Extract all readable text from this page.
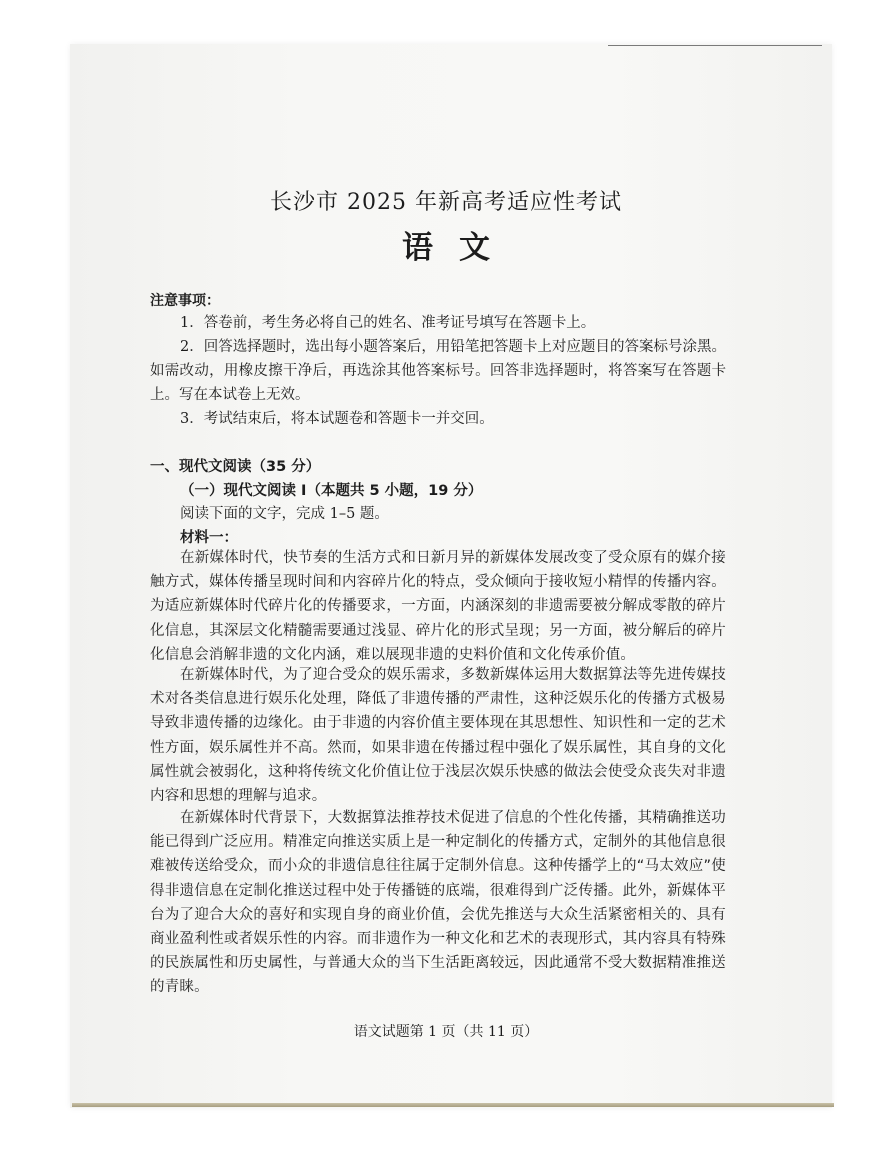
长沙市 2025 年新高考适应性考试
语文
注意事项：

1．答卷前，考生务必将自己的姓名、准考证号填写在答题卡上。

2．回答选择题时，选出每小题答案后，用铅笔把答题卡上对应题目的答案标号涂黑。如需改动，用橡皮擦干净后，再选涂其他答案标号。回答非选择题时，将答案写在答题卡上。写在本试卷上无效。

3．考试结束后，将本试题卷和答题卡一并交回。

一、现代文阅读（35 分）
（一）现代文阅读 I（本题共 5 小题，19 分）
阅读下面的文字，完成 1–5 题。
材料一：

在新媒体时代，快节奏的生活方式和日新月异的新媒体发展改变了受众原有的媒介接触方式，媒体传播呈现时间和内容碎片化的特点，受众倾向于接收短小精悍的传播内容。为适应新媒体时代碎片化的传播要求，一方面，内涵深刻的非遗需要被分解成零散的碎片化信息，其深层文化精髓需要通过浅显、碎片化的形式呈现；另一方面，被分解后的碎片化信息会消解非遗的文化内涵，难以展现非遗的史料价值和文化传承价值。

在新媒体时代，为了迎合受众的娱乐需求，多数新媒体运用大数据算法等先进传媒技术对各类信息进行娱乐化处理，降低了非遗传播的严肃性，这种泛娱乐化的传播方式极易导致非遗传播的边缘化。由于非遗的内容价值主要体现在其思想性、知识性和一定的艺术性方面，娱乐属性并不高。然而，如果非遗在传播过程中强化了娱乐属性，其自身的文化属性就会被弱化，这种将传统文化价值让位于浅层次娱乐快感的做法会使受众丧失对非遗内容和思想的理解与追求。

在新媒体时代背景下，大数据算法推荐技术促进了信息的个性化传播，其精确推送功能已得到广泛应用。精准定向推送实质上是一种定制化的传播方式，定制外的其他信息很难被传送给受众，而小众的非遗信息往往属于定制外信息。这种传播学上的“马太效应”使得非遗信息在定制化推送过程中处于传播链的底端，很难得到广泛传播。此外，新媒体平台为了迎合大众的喜好和实现自身的商业价值，会优先推送与大众生活紧密相关的、具有商业盈利性或者娱乐性的内容。而非遗作为一种文化和艺术的表现形式，其内容具有特殊的民族属性和历史属性，与普通大众的当下生活距离较远，因此通常不受大数据精准推送的青睐。

语文试题第 1 页（共 11 页）
